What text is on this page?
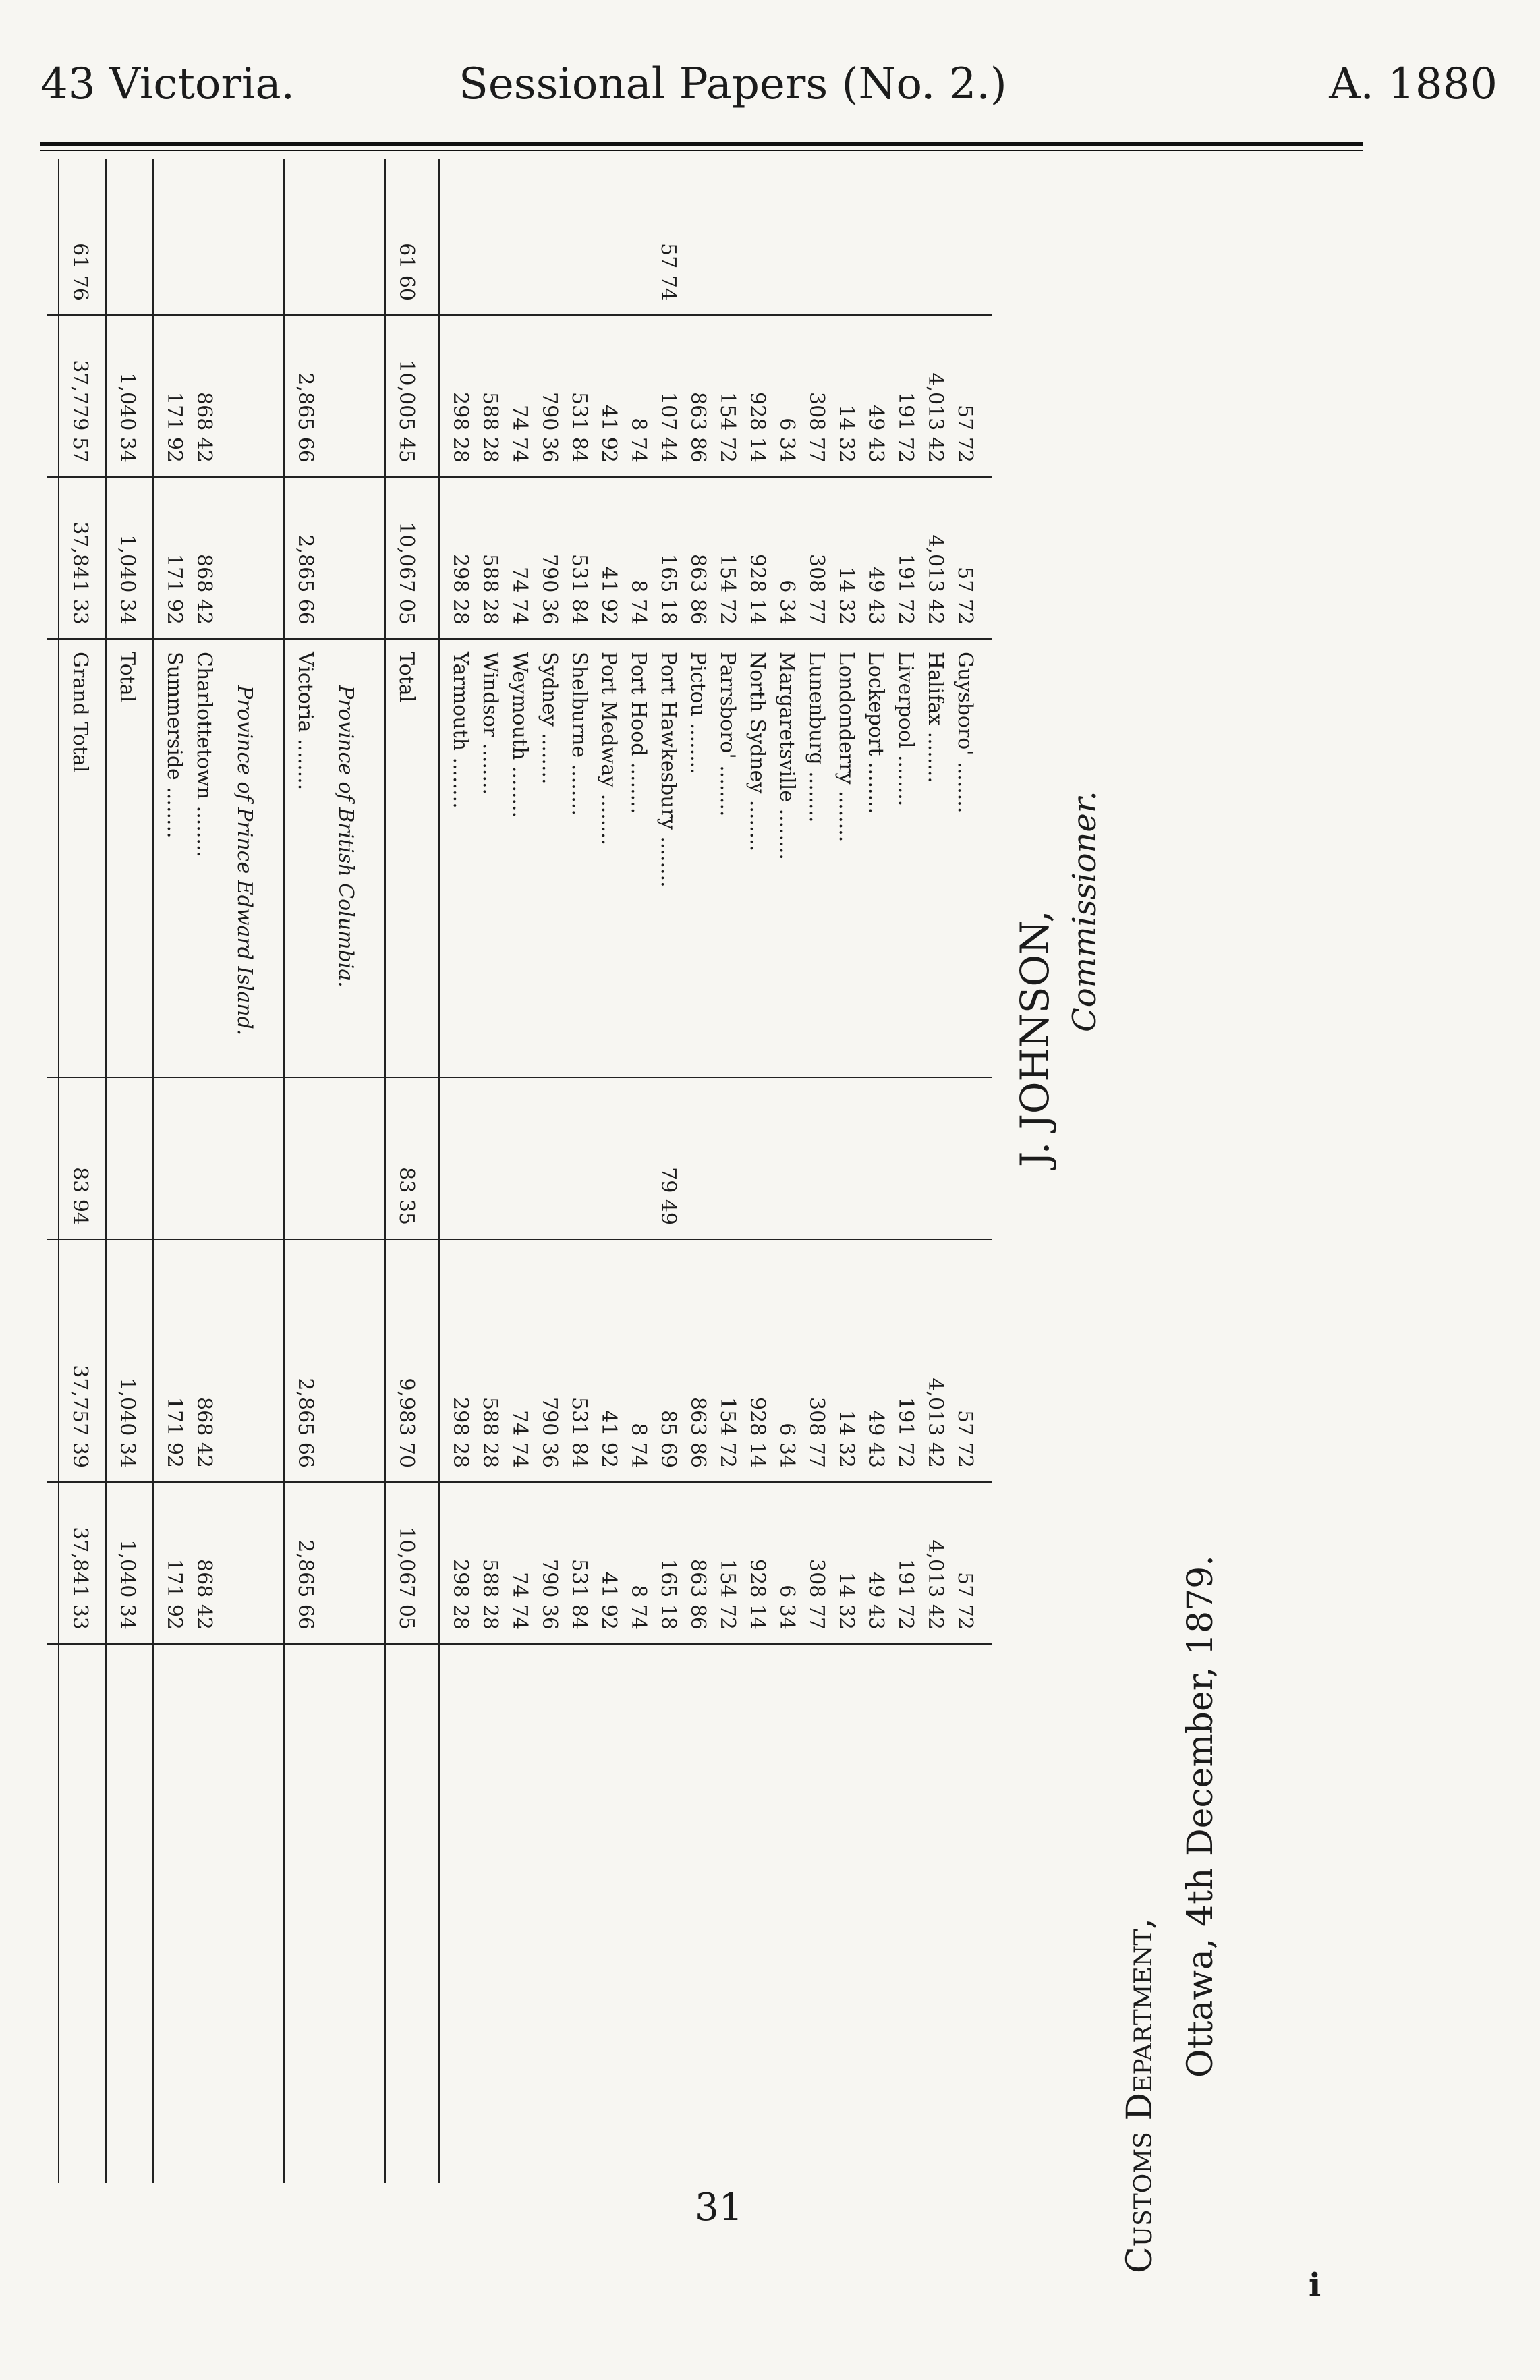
43 Victoria.	Sessional Papers (No. 2.)	A. 1880
57 72
57 72
Guysboro' ........
57 72
57 72
4,013 42
4,013 42
Halifax ........
4,013 42
4,013 42
191 72
191 72
Liverpool ........
191 72
191 72
49 43
49 43
Lockeport ........
49 43
49 43
14 32
14 32
Londonderry ........
14 32
14 32
308 77
308 77
Lunenburg ........
308 77
308 77
6 34
6 34
Margaretsville ........
6 34
6 34
928 14
928 14
North Sydney ........
928 14
928 14
154 72
154 72
Parrsboro' ........
154 72
154 72
863 86
863 86
Pictou ........
863 86
863 86
57 74
107 44
165 18
Port Hawkesbury ........
79 49
85 69
165 18
8 74
8 74
Port Hood ........
8 74
8 74
41 92
41 92
Port Medway ........
41 92
41 92
531 84
531 84
Shelburne ........
531 84
531 84
790 36
790 36
Sydney ........
790 36
790 36
74 74
74 74
Weymouth ........
74 74
74 74
588 28
588 28
Windsor ........
588 28
588 28
298 28
298 28
Yarmouth ........
298 28
298 28
61 60
10,005 45
10,067 05
Total
83 35
9,983 70
10,067 05
Province of British Columbia.
2,865 66
2,865 66
Victoria ........
2,865 66
2,865 66
Province of Prince Edward Island.
868 42
868 42
Charlottetown ........
868 42
868 42
171 92
171 92
Summerside ........
171 92
171 92
1,040 34
1,040 34
Total
1,040 34
1,040 34
61 76
37,779 57
37,841 33
Grand Total
83 94
37,757 39
37,841 33
J. JOHNSON, Commissioner.
Customs Department,
Ottawa, 4th December, 1879.
31
i
